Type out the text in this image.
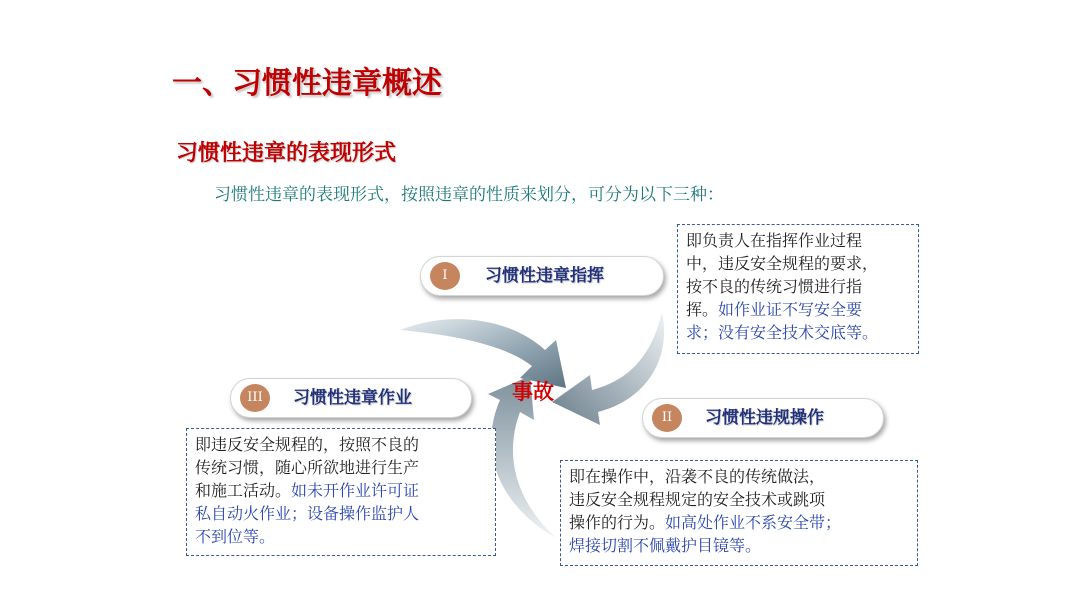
一、习惯性违章概述
习惯性违章的表现形式
习惯性违章的表现形式，按照违章的性质来划分，可分为以下三种：
事故
I	习惯性违章指挥
II	习惯性违规操作
III	习惯性违章作业
即负责人在指挥作业过程
中，违反安全规程的要求，
按不良的传统习惯进行指
挥。如作业证不写安全要
求；没有安全技术交底等。
即在操作中，沿袭不良的传统做法，
违反安全规程规定的安全技术或跳项
操作的行为。如高处作业不系安全带；
焊接切割不佩戴护目镜等。
即违反安全规程的，按照不良的
传统习惯，随心所欲地进行生产
和施工活动。如未开作业许可证
私自动火作业；设备操作监护人
不到位等。
